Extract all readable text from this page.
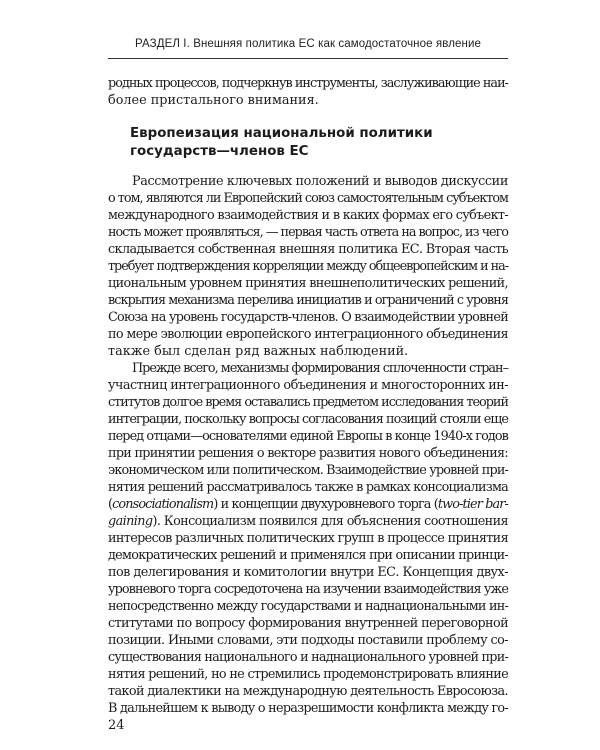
РАЗДЕЛ I. Внешняя политика ЕС как самодостаточное явление
родных процессов, подчеркнув инструменты, заслуживающие наи-
более пристального внимания.
Европеизация национальной политики
государств—членов ЕС
Рассмотрение ключевых положений и выводов дискуссии
о том, являются ли Европейский союз самостоятельным субъектом
международного взаимодействия и в каких формах его субъект-
ность может проявляться, — первая часть ответа на вопрос, из чего
складывается собственная внешняя политика ЕС. Вторая часть
требует подтверждения корреляции между общеевропейским и на-
циональным уровнем принятия внешнеполитических решений,
вскрытия механизма перелива инициатив и ограничений с уровня
Союза на уровень государств-членов. О взаимодействии уровней
по мере эволюции европейского интеграционного объединения
также был сделан ряд важных наблюдений.
Прежде всего, механизмы формирования сплоченности стран–
участниц интеграционного объединения и многосторонних ин-
ститутов долгое время оставались предметом исследования теорий
интеграции, поскольку вопросы согласования позиций стояли еще
перед отцами—основателями единой Европы в конце 1940-х годов
при принятии решения о векторе развития нового объединения:
экономическом или политическом. Взаимодействие уровней при-
нятия решений рассматривалось также в рамках консоциализма
(consociationalism) и концепции двухуровневого торга (two-tier bar-
gaining). Консоциализм появился для объяснения соотношения
интересов различных политических групп в процессе принятия
демократических решений и применялся при описании принци-
пов делегирования и комитологии внутри ЕС. Концепция двух-
уровневого торга сосредоточена на изучении взаимодействия уже
непосредственно между государствами и наднациональными ин-
ститутами по вопросу формирования внутренней переговорной
позиции. Иными словами, эти подходы поставили проблему со-
существования национального и наднационального уровней при-
нятия решений, но не стремились продемонстрировать влияние
такой диалектики на международную деятельность Евросоюза.
В дальнейшем к выводу о неразрешимости конфликта между го-
24
